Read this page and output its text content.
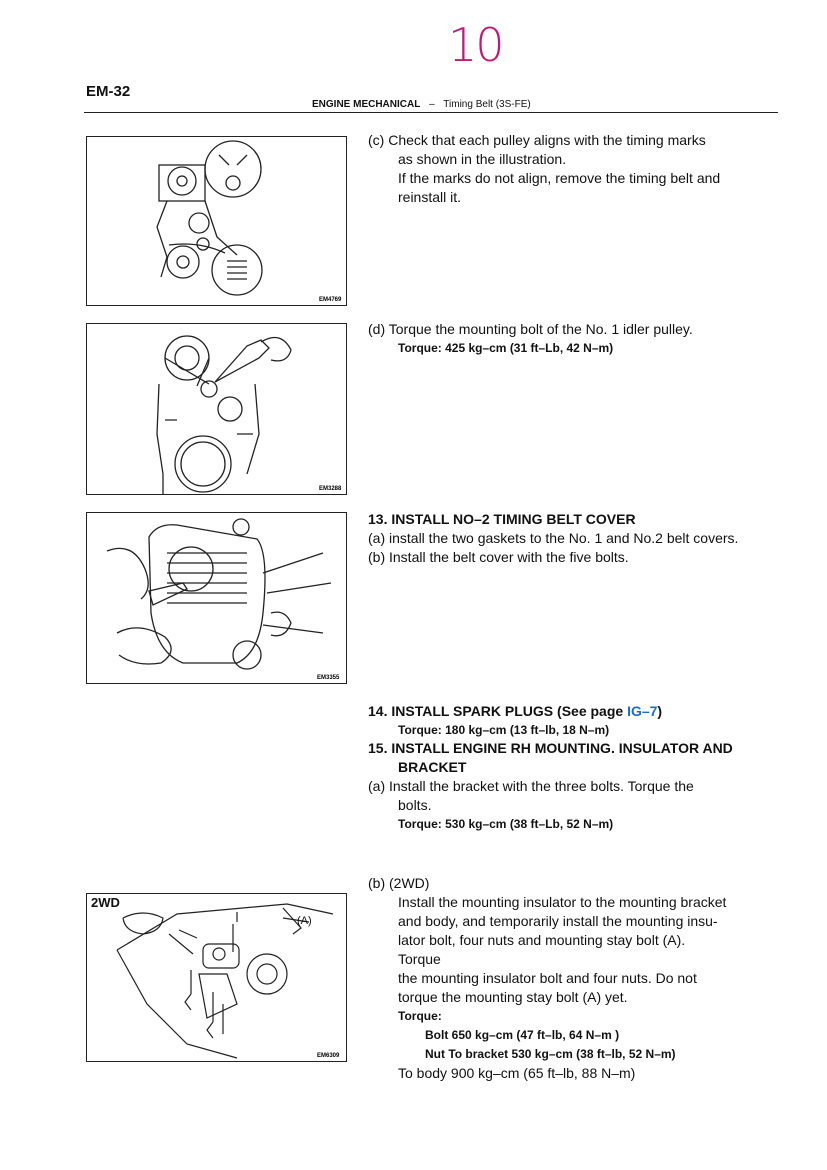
10
EM-32
ENGINE MECHANICAL – Timing Belt (3S-FE)
EM4769
EM3288
EM3355
2WD
EM6309
(A)
(c) Check that each pulley aligns with the timing marks
as shown in the illustration.
If the marks do not align, remove the timing belt and
reinstall it.
(d) Torque the mounting bolt of the No. 1 idler pulley.
Torque: 425 kg–cm (31 ft–Lb, 42 N–m)
13. INSTALL NO–2 TIMING BELT COVER
(a) install the two gaskets to the No. 1 and No.2 belt covers.
(b) Install the belt cover with the five bolts.
14. INSTALL SPARK PLUGS (See page IG–7)
Torque: 180 kg–cm (13 ft–lb, 18 N–m)
15. INSTALL ENGINE RH MOUNTING. INSULATOR AND
BRACKET
(a) Install the bracket with the three bolts. Torque the
bolts.
Torque: 530 kg–cm (38 ft–Lb, 52 N–m)
(b) (2WD)
Install the mounting insulator to the mounting bracket
and body, and temporarily install the mounting insu-
lator bolt, four nuts and mounting stay bolt (A).
Torque
the mounting insulator bolt and four nuts. Do not
torque the mounting stay bolt (A) yet.
Torque:
Bolt 650 kg–cm (47 ft–lb, 64 N–m )
Nut To bracket 530 kg–cm (38 ft–lb, 52 N–m)
To body 900 kg–cm (65 ft–lb, 88 N–m)
